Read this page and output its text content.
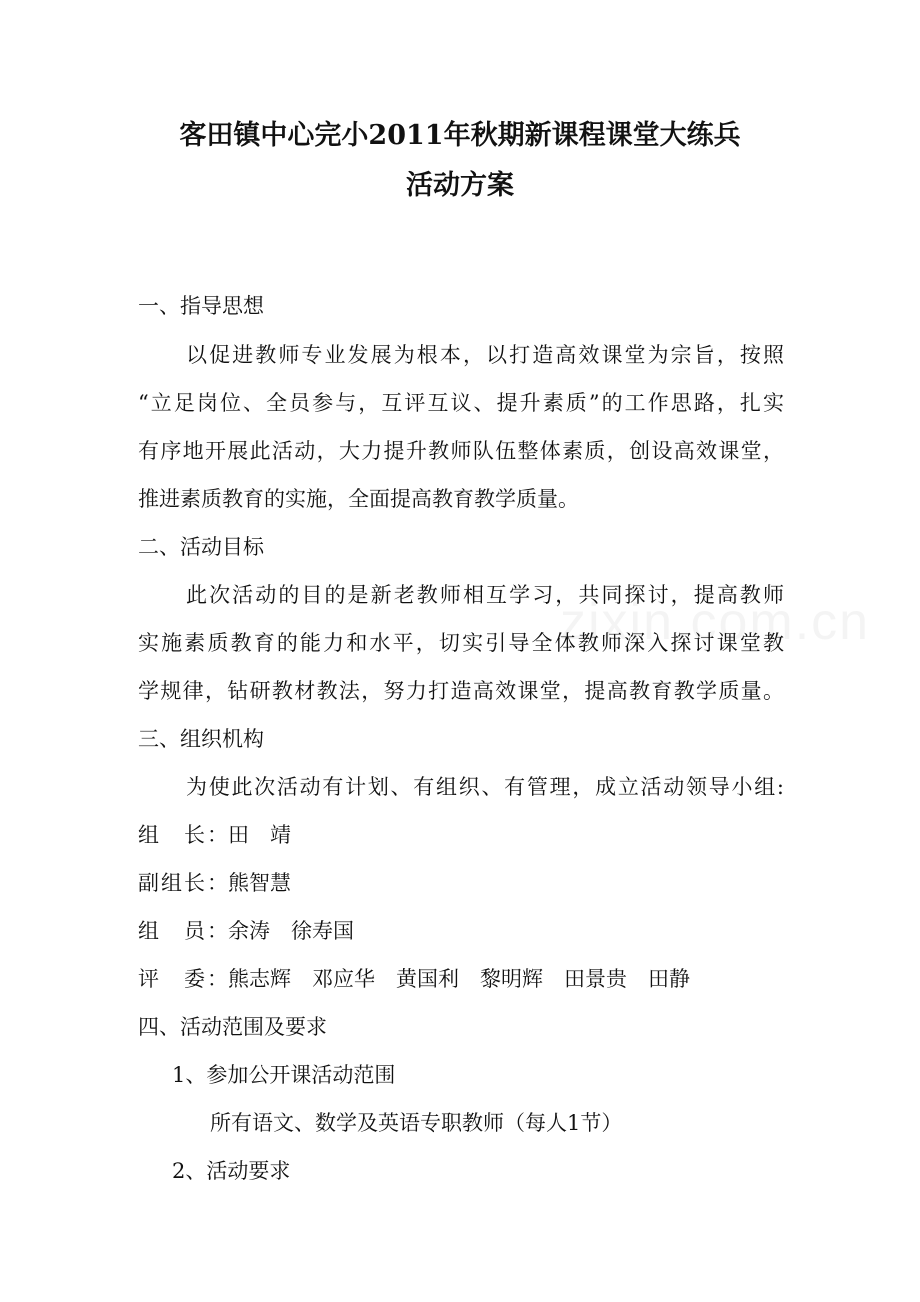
客田镇中心完小2011年秋期新课程课堂大练兵
活动方案
一、指导思想
以促进教师专业发展为根本，以打造高效课堂为宗旨，按照
“立足岗位、全员参与，互评互议、提升素质”的工作思路，扎实
有序地开展此活动，大力提升教师队伍整体素质，创设高效课堂，
推进素质教育的实施，全面提高教育教学质量。
二、活动目标
此次活动的目的是新老教师相互学习，共同探讨，提高教师
实施素质教育的能力和水平，切实引导全体教师深入探讨课堂教
学规律，钻研教材教法，努力打造高效课堂，提高教育教学质量。
三、组织机构
为使此次活动有计划、有组织、有管理，成立活动领导小组:
组　长：田　靖
副组长：熊智慧
组　员：余涛　徐寿国
评　委：熊志辉　邓应华　黄国利　黎明辉　田景贵　田静
四、活动范围及要求
1、参加公开课活动范围
所有语文、数学及英语专职教师（每人1节）
2、活动要求
